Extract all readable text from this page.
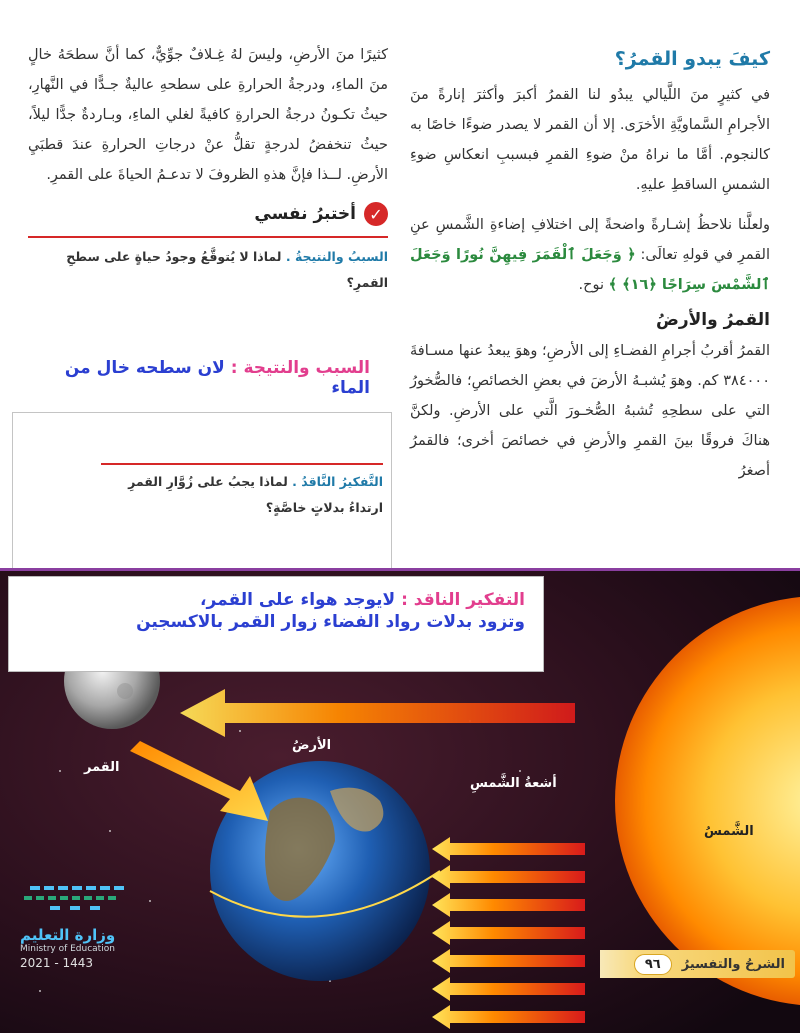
كيفَ يبدو القمرُ؟

في كثيرٍ منَ اللَّيالي يبدُو لنا القمرُ أكبرَ وأكثرَ إنارةً منَ الأجرامِ السَّماويَّةِ الأخرَى. إلا أن القمر لا يصدر ضوءًا خاصًا به كالنجوم. أمَّا ما نراهُ منْ ضوءِ القمرِ فبسببِ انعكاسِ ضوءِ الشمسِ الساقطِ عليهِ.

ولعلَّنا نلاحظُ إشـارةً واضحةً إلى اختلافِ إضاءةِ الشَّمسِ عنِ القمرِ في قولهِ تعالَى: ﴿ وَجَعَلَ ٱلْقَمَرَ فِيهِنَّ نُورًا وَجَعَلَ ٱلشَّمْسَ سِرَاجًا ﴿١٦﴾ ﴾ نوح.

القمرُ والأرضُ

القمرُ أقربُ أجرامِ الفضـاءِ إلى الأرضِ؛ وهوَ يبعدُ عنها مسـافةَ ٣٨٤٠٠٠ كم. وهوَ يُشبـهُ الأرضَ في بعضِ الخصائصِ؛ فالصُّخورُ التي على سطحِهِ تُشبهُ الصُّخـورَ الَّتي على الأرضِ. ولكنَّ هناكَ فروقًا بينَ القمرِ والأرضِ في خصائصَ أخرى؛ فالقمرُ أصغرُ

كثيرًا منَ الأرضِ، وليسَ لهُ غِـلافٌ جوِّيٌّ، كما أنَّ سطحَهُ خالٍ منَ الماءِ، ودرجةُ الحرارةِ على سطحهِ عاليةٌ جـدًّا في النَّهارِ، حيثُ تكـونُ درجةُ الحرارةِ كافيةً لغلي الماءِ، وبـاردةٌ جدًّا ليلاً، حيثُ تنخفضُ لدرجةٍ تقلُّ عنْ درجاتِ الحرارةِ عندَ قطبَيِ الأرضِ. لــذا فإنَّ هذهِ الظروفَ لا تدعـمُ الحياةَ على القمرِ.

✓
أختبرُ نفسي
السببُ والنتيجةُ . لماذا لا يُتوقَّعُ وجودُ حياةٍ على سطحِ القمرِ؟
السبب والنتيجة : لان سطحه خال من الماء
التَّفكيرُ النَّاقدُ . لماذا يجبُ على زُوَّارِ القمرِ ارتداءُ بدلاتٍ خاصَّةٍ؟
القمر
الأرضُ
أشعةُ الشَّمسِ
الشَّمسُ
التفكير الناقد : لايوجد هواء على القمر،
وتزود بدلات رواد الفضاء زوار القمر بالاكسجين
وزارة التعليم
Ministry of Education
2021 - 1443	الشرحُ والتفسيرُ
٩٦
